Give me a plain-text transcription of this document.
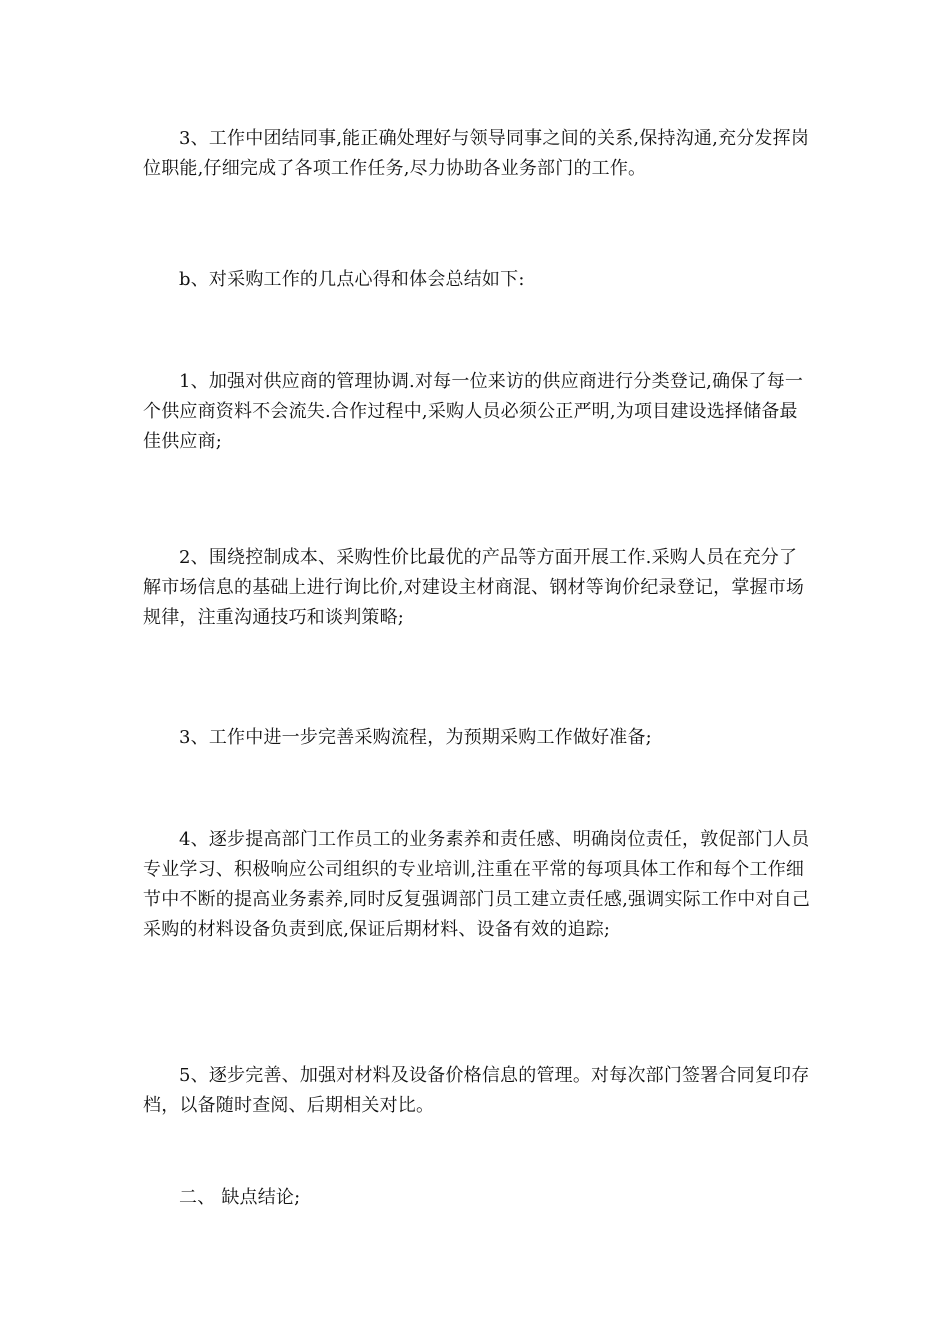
3、工作中团结同事,能正确处理好与领导同事之间的关系,保持沟通,充分发挥岗位职能,仔细完成了各项工作任务,尽力协助各业务部门的工作。

b、对采购工作的几点心得和体会总结如下:

1、加强对供应商的管理协调.对每一位来访的供应商进行分类登记,确保了每一个供应商资料不会流失.合作过程中,采购人员必须公正严明,为项目建设选择储备最佳供应商;

2、围绕控制成本、采购性价比最优的产品等方面开展工作.采购人员在充分了解市场信息的基础上进行询比价,对建设主材商混、钢材等询价纪录登记，掌握市场规律，注重沟通技巧和谈判策略;

3、工作中进一步完善采购流程，为预期采购工作做好准备;

4、逐步提高部门工作员工的业务素养和责任感、明确岗位责任，敦促部门人员专业学习、积极响应公司组织的专业培训,注重在平常的每项具体工作和每个工作细节中不断的提高业务素养,同时反复强调部门员工建立责任感,强调实际工作中对自己采购的材料设备负责到底,保证后期材料、设备有效的追踪;

5、逐步完善、加强对材料及设备价格信息的管理。对每次部门签署合同复印存档，以备随时查阅、后期相关对比。

二、 缺点结论;
